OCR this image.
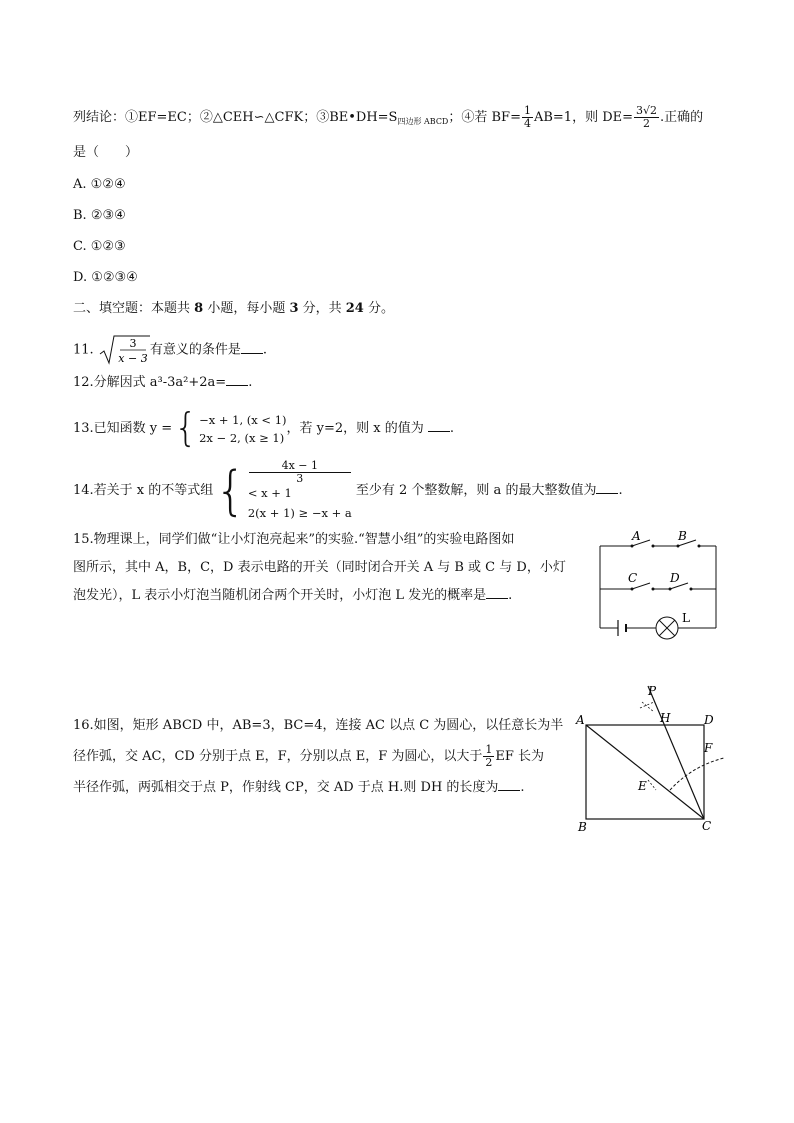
列结论：①EF=EC；②△CEH∽△CFK；$③BE•DH=S_{四边形 ABCD}$；④若 $BF= \frac{1}{4} AB=1$，则 $DE= \frac{3√2}{2}$ .正确的
是（　　）
A. ①②④
B. ②③④
C. ①②③
D. ①②③④
二、填空题：本题共 8 小题，每小题 3 分，共 24 分。
11.	3
x − 3
有意义的条件是 .
12.分解因式 a³-3a²+2a= .
13.已知函数 y ={ −x + 1, (x < 1)
2x − 2, (x ≥ 1)
，若 y=2，则 x 的值为 .
14.若关于 x 的不等式组{	4x − 1
3
< x + 1
2(x + 1) ≥ −x + a
至少有 2 个整数解，则 a 的最大整数值为 .
15.物理课上，同学们做“让小灯泡亮起来”的实验.“智慧小组”的实验电路图如
图所示，其中 A，B，C，D 表示电路的开关（同时闭合开关 A 与 B 或 C 与 D，小灯
泡发光），L 表示小灯泡当随机闭合两个开关时，小灯泡 L 发光的概率是 .
A	B
C	D
L
16.如图，矩形 ABCD 中，AB=3，BC=4，连接 AC 以点 C 为圆心，以任意长为半
径作弧，交 AC，CD 分别于点 E，F，分别以点 E，F 为圆心，以大于 $\frac{1}{2}$ EF 长为
半径作弧，两弧相交于点 P，作射线 CP，交 AD 于点 H.则 DH 的长度为 .
A
B	C
D
E
F
H
P
